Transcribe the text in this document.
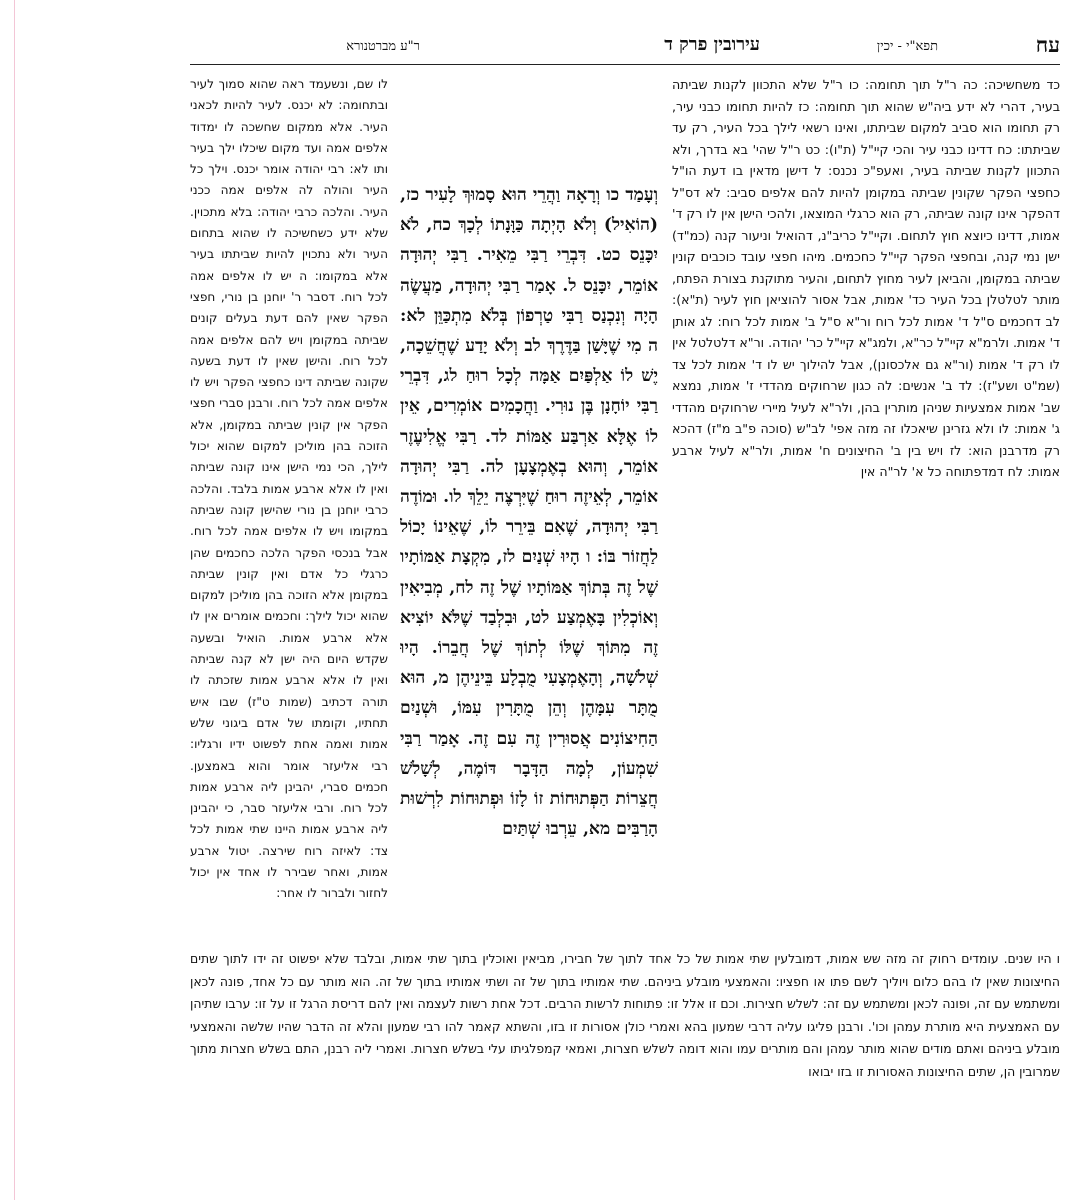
עח
תפא"י - יכין
עירובין פרק ד
ר"ע מברטנורא

כד משחשיכה: כה ר"ל תוך תחומה: כו ר"ל שלא התכוון לקנות שביתה בעיר, דהרי לא ידע ביה"ש שהוא תוך תחומה: כז להיות תחומו כבני עיר, רק תחומו הוא סביב למקום שביתתו, ואינו רשאי לילך בכל העיר, רק עד שביתתו: כח דדינו כבני עיר והכי קיי"ל (ת"ו): כט ר"ל שהי' בא בדרך, ולא התכוון לקנות שביתה בעיר, ואעפ"כ נכנס: ל דישן מדאין בו דעת הו"ל כחפצי הפקר שקונין שביתה במקומן להיות להם אלפים סביב: לא דס"ל דהפקר אינו קונה שביתה, רק הוא כרגלי המוצאו, ולהכי הישן אין לו רק ד' אמות, דדינו כיוצא חוץ לתחום. וקיי"ל כריב"נ, דהואיל וניעור קנה (כמ"ד) ישן נמי קנה, ובחפצי הפקר קיי"ל כחכמים. מיהו חפצי עובד כוכבים קונין שביתה במקומן, והביאן לעיר מחוץ לתחום, והעיר מתוקנת בצורת הפתח, מותר לטלטלן בכל העיר כד' אמות, אבל אסור להוציאן חוץ לעיר (ת"א): לב דחכמים ס"ל ד' אמות לכל רוח ור"א ס"ל ב' אמות לכל רוח: לג אותן ד' אמות. ולרמ"א קיי"ל כר"א, ולמג"א קיי"ל כר' יהודה. ור"א דלטלטל אין לו רק ד' אמות (ור"א גם אלכסונן), אבל להילוך יש לו ד' אמות לכל צד (שמ"ט ושע"ז): לד ב' אנשים: לה כגון שרחוקים מהדדי ז' אמות, נמצא שב' אמות אמצעיות שניהן מותרין בהן, ולר"א לעיל מיירי שרחוקים מהדדי ג' אמות: לו ולא גזרינן שיאכלו זה מזה אפי' לב"ש (סוכה פ"ב מ"ז) דהכא רק מדרבנן הוא: לז ויש בין ב' החיצונים ח' אמות, ולר"א לעיל ארבע אמות: לח דמדפתוחה כל א' לר"ה אין

וְעָמַד כו וְרָאָה וַהֲרֵי הוּא סָמוּךְ לָעִיר כז, (הוֹאִיל) וְלֹא הָיְתָה כַּוָּנָתוֹ לְכָךְ כח, לֹא יִכָּנֵס כט. דִּבְרֵי רַבִּי מֵאִיר. רַבִּי יְהוּדָה אוֹמֵר, יִכָּנֵס ל. אָמַר רַבִּי יְהוּדָה, מַעֲשֶׂה הָיָה וְנִכְנַס רַבִּי טַרְפוֹן בְּלֹא מִתְכַּוֵּן לא: ה מִי שֶׁיָּשַׁן בַּדֶּרֶךְ לב וְלֹא יָדַע שֶׁחֲשֵׁכָה, יֶשׁ לוֹ אַלְפַּיִם אַמָּה לְכָל רוּחַ לג, דִּבְרֵי רַבִּי יוֹחָנָן בֶּן נוּרִי. וַחֲכָמִים אוֹמְרִים, אֵין לוֹ אֶלָּא אַרְבַּע אַמּוֹת לד. רַבִּי אֱלִיעֶזֶר אוֹמֵר, וְהוּא בְאֶמְצָעָן לה. רַבִּי יְהוּדָה אוֹמֵר, לְאֵיזֶה רוּחַ שֶׁיִּרְצֶה יֵלֵךְ לו. וּמוֹדֶה רַבִּי יְהוּדָה, שֶׁאִם בֵּירֵר לוֹ, שֶׁאֵינוֹ יָכוֹל לַחֲזוֹר בּוֹ: ו הָיוּ שְׁנַיִם לז, מִקְצָת אַמּוֹתָיו שֶׁל זֶה בְּתוֹךְ אַמּוֹתָיו שֶׁל זֶה לח, מְבִיאִין וְאוֹכְלִין בָּאֶמְצַע לט, וּבִלְבַד שֶׁלֹּא יוֹצִיא זֶה מִתּוֹךְ שֶׁלּוֹ לְתוֹךְ שֶׁל חֲבֵרוֹ. הָיוּ שְׁלֹשָׁה, וְהָאֶמְצָעִי מֻבְלָע בֵּינֵיהֶן מ, הוּא מֻתָּר עִמָּהֶן וְהֵן מֻתָּרִין עִמּוֹ, וּשְׁנַיִם הַחִיצוֹנִים אֲסוּרִין זֶה עִם זֶה. אָמַר רַבִּי שִׁמְעוֹן, לְמָה הַדָּבָר דּוֹמֶה, לְשָׁלֹשׁ חֲצֵרוֹת הַפְּתוּחוֹת זוֹ לָזוֹ וּפְתוּחוֹת לִרְשׁוּת הָרַבִּים מא, עֵרְבוּ שְׁתַּיִם

לו שם, ונשעמד ראה שהוא סמוך לעיר ובתחומה: לא יכנס. לעיר להיות לכאני העיר. אלא ממקום שחשכה לו ימדוד אלפים אמה ועד מקום שיכלו ילך בעיר ותו לא: רבי יהודה אומר יכנס. וילך כל העיר והולה לה אלפים אמה ככני העיר. והלכה כרבי יהודה: בלא מתכוין. שלא ידע כשחשיכה לו שהוא בתחום העיר ולא נתכוין להיות שביתתו בעיר אלא במקומו: ה יש לו אלפים אמה לכל רוח. דסבר ר' יוחנן בן נורי, חפצי הפקר שאין להם דעת בעלים קונים שביתה במקומן ויש להם אלפים אמה לכל רוח. והישן שאין לו דעת בשעה שקונה שביתה דינו כחפצי הפקר ויש לו אלפים אמה לכל רוח. ורבנן סברי חפצי הפקר אין קונין שביתה במקומן, אלא הזוכה בהן מוליכן למקום שהוא יכול לילך, הכי נמי הישן אינו קונה שביתה ואין לו אלא ארבע אמות בלבד. והלכה כרבי יוחנן בן נורי שהישן קונה שביתה במקומו ויש לו אלפים אמה לכל רוח. אבל בנכסי הפקר הלכה כחכמים שהן כרגלי כל אדם ואין קונין שביתה במקומן אלא הזוכה בהן מוליכן למקום שהוא יכול לילך: וחכמים אומרים אין לו אלא ארבע אמות. הואיל ובשעה שקדש היום היה ישן לא קנה שביתה ואין לו אלא ארבע אמות שזכתה לו תורה דכתיב (שמות ט"ז) שבו איש תחתיו, וקומתו של אדם ביגוני שלש אמות ואמה אחת לפשוט ידיו ורגליו: רבי אליעזר אומר והוא באמצען. חכמים סברי, יהבינן ליה ארבע אמות לכל רוח. ורבי אליעזר סבר, כי יהבינן ליה ארבע אמות היינו שתי אמות לכל צד: לאיזה רוח שירצה. יטול ארבע אמות, ואחר שבירר לו אחד אין יכול לחזור ולברור לו אחר:

ו היו שנים. עומדים רחוק זה מזה שש אמות, דמובלעין שתי אמות של כל אחד לתוך של חבירו, מביאין ואוכלין בתוך שתי אמות, ובלבד שלא יפשוט זה ידו לתוך שתים החיצונות שאין לו בהם כלום ויוליך לשם פתו או חפציו: והאמצעי מובלע ביניהם. שתי אמותיו בתוך של זה ושתי אמותיו בתוך של זה. הוא מותר עם כל אחד, פונה לכאן ומשתמש עם זה, ופונה לכאן ומשתמש עם זה: לשלש חצירות. וכם זו אלל זו: פתוחות לרשות הרבים. דכל אחת רשות לעצמה ואין להם דריסת הרגל זו על זו: ערבו שתיהן עם האמצעית היא מותרת עמהן וכו'. ורבנן פליגו עליה דרבי שמעון בהא ואמרי כולן אסורות זו בזו, והשתא קאמר להו רבי שמעון והלא זה הדבר שהיו שלשה והאמצעי מובלע ביניהם ואתם מודים שהוא מותר עמהן והם מותרים עמו והוא דומה לשלש חצרות, ואמאי קמפלגיתו עלי בשלש חצרות. ואמרי ליה רבנן, התם בשלש חצרות מתוך שמרובין הן, שתים החיצונות האסורות זו בזו יבואו
